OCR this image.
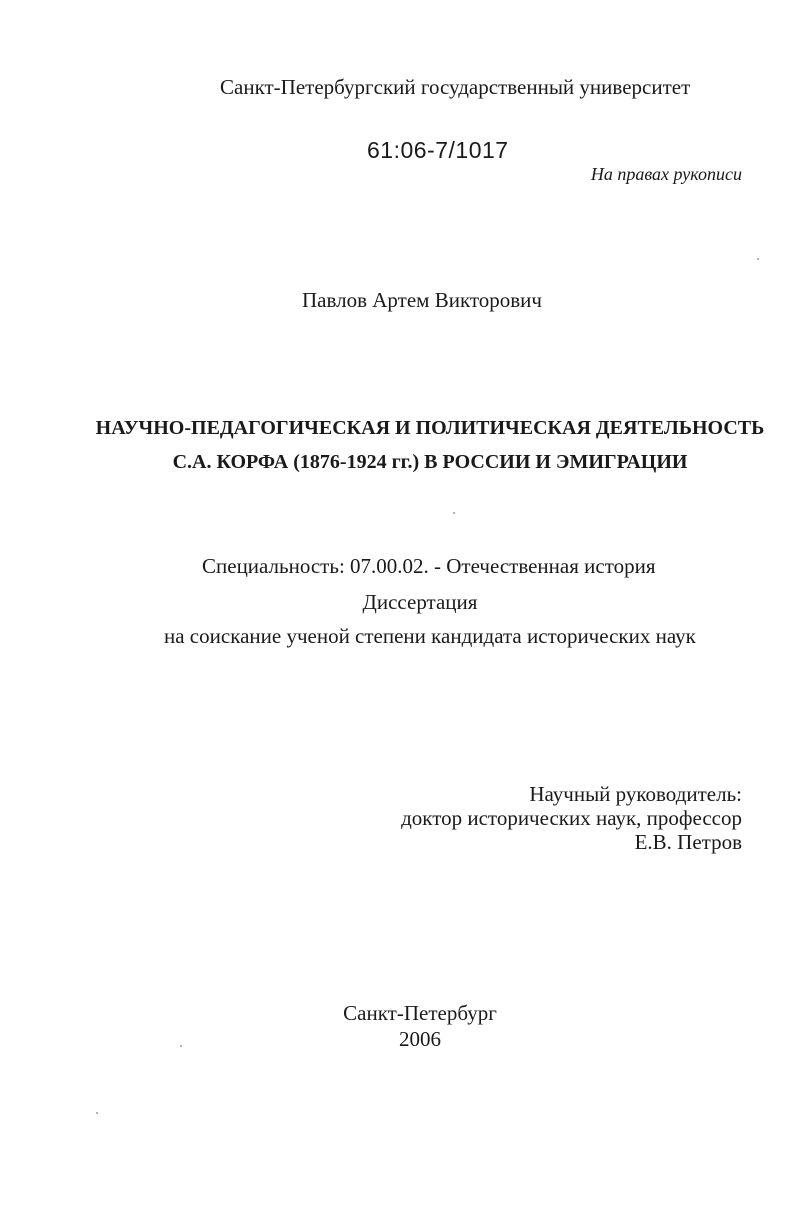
Санкт-Петербургский государственный университет
61:06-7/1017
На правах рукописи
Павлов Артем Викторович
НАУЧНО-ПЕДАГОГИЧЕСКАЯ И ПОЛИТИЧЕСКАЯ ДЕЯТЕЛЬНОСТЬ
С.А. КОРФА (1876-1924 гг.) В РОССИИ И ЭМИГРАЦИИ
Специальность: 07.00.02. - Отечественная история
Диссертация
на соискание ученой степени кандидата исторических наук
Научный руководитель:
доктор исторических наук, профессор
Е.В. Петров
Санкт-Петербург
2006
